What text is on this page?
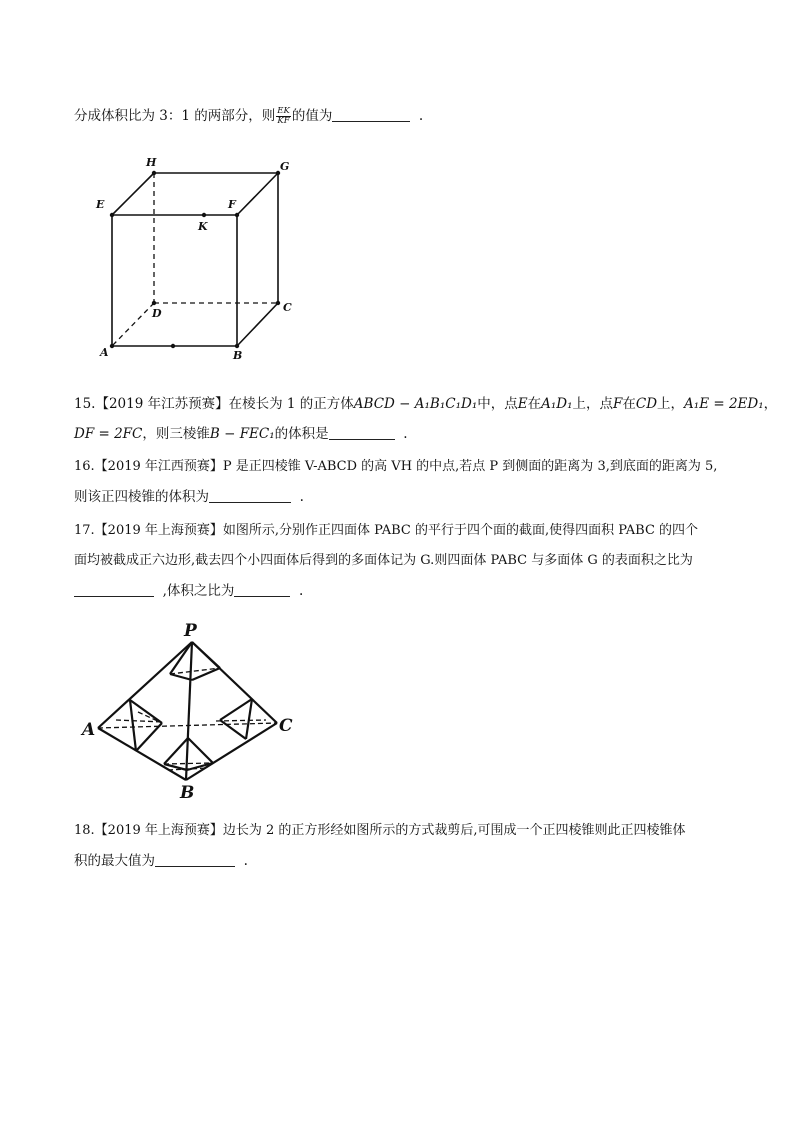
分成体积比为 3：1 的两部分，则 $\frac{EK}{KF}$ 的值为	.
H	G
E	F
K
D	C
A	B
15.【2019 年江苏预赛】在棱长为 1 的正方体ABCD − A₁B₁C₁D₁中，点E在A₁D₁上，点F在CD上，A₁E = 2ED₁，
DF = 2FC，则三棱锥B − FEC₁的体积是	.
16.【2019 年江西预赛】P 是正四棱锥 V-ABCD 的高 VH 的中点,若点 P 到侧面的距离为 3,到底面的距离为 5,
则该正四棱锥的体积为	.
17.【2019 年上海预赛】如图所示,分别作正四面体 PABC 的平行于四个面的截面,使得四面积 PABC 的四个
面均被截成正六边形,截去四个小四面体后得到的多面体记为 G.则四面体 PABC 与多面体 G 的表面积之比为
,体积之比为	.
P
A	C
B
18.【2019 年上海预赛】边长为 2 的正方形经如图所示的方式裁剪后,可围成一个正四棱锥则此正四棱锥体
积的最大值为	.
